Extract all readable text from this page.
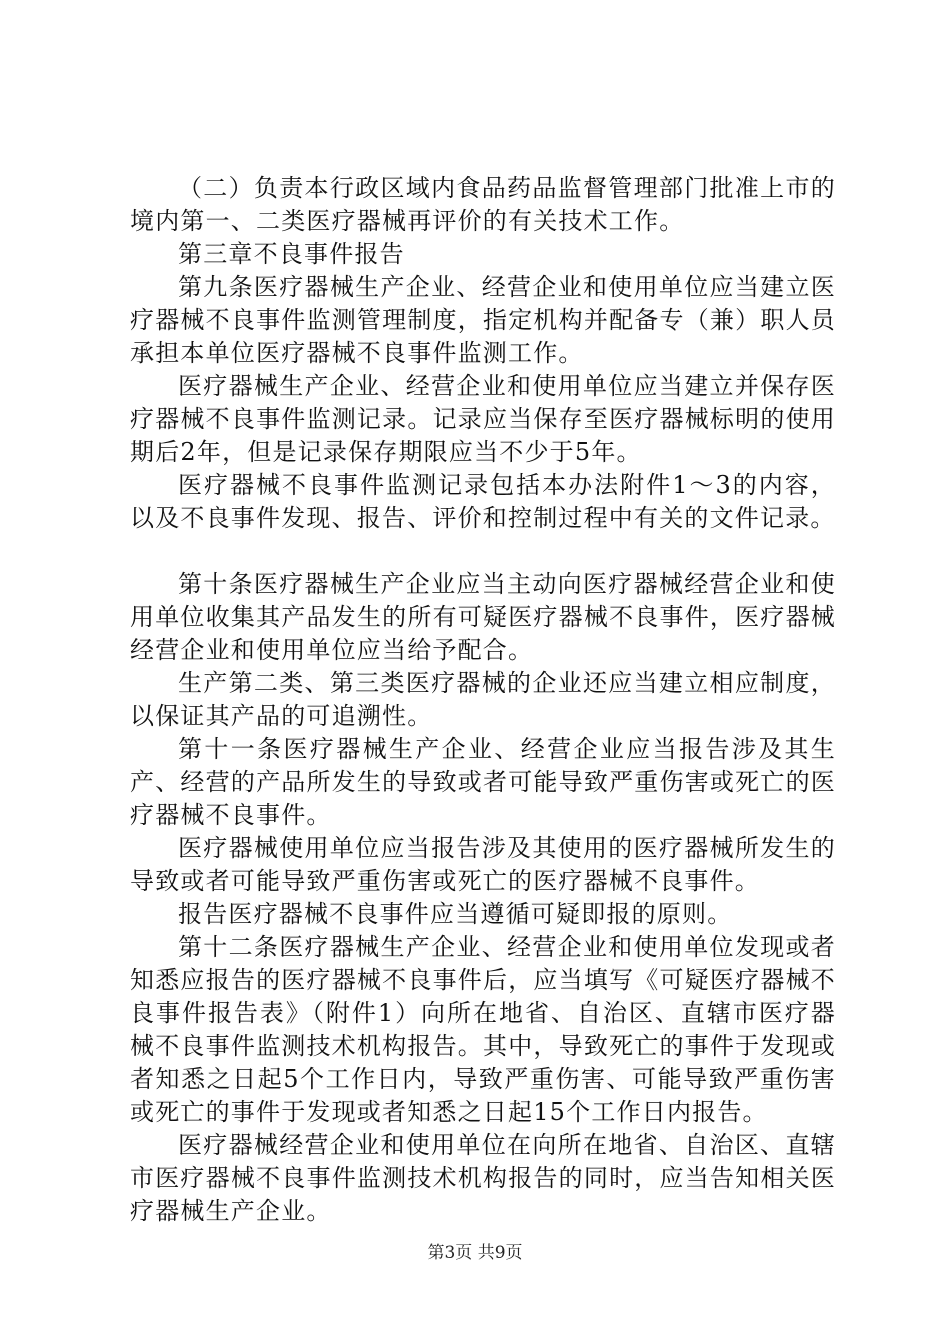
（二）负责本行政区域内食品药品监督管理部门批准上市的境内第一、二类医疗器械再评价的有关技术工作。

第三章不良事件报告

第九条医疗器械生产企业、经营企业和使用单位应当建立医疗器械不良事件监测管理制度，指定机构并配备专（兼）职人员承担本单位医疗器械不良事件监测工作。

医疗器械生产企业、经营企业和使用单位应当建立并保存医疗器械不良事件监测记录。记录应当保存至医疗器械标明的使用期后2年，但是记录保存期限应当不少于5年。

医疗器械不良事件监测记录包括本办法附件1～3的内容，以及不良事件发现、报告、评价和控制过程中有关的文件记录。

第十条医疗器械生产企业应当主动向医疗器械经营企业和使用单位收集其产品发生的所有可疑医疗器械不良事件，医疗器械经营企业和使用单位应当给予配合。

生产第二类、第三类医疗器械的企业还应当建立相应制度，以保证其产品的可追溯性。

第十一条医疗器械生产企业、经营企业应当报告涉及其生产、经营的产品所发生的导致或者可能导致严重伤害或死亡的医疗器械不良事件。

医疗器械使用单位应当报告涉及其使用的医疗器械所发生的导致或者可能导致严重伤害或死亡的医疗器械不良事件。

报告医疗器械不良事件应当遵循可疑即报的原则。

第十二条医疗器械生产企业、经营企业和使用单位发现或者知悉应报告的医疗器械不良事件后，应当填写《可疑医疗器械不良事件报告表》（附件1）向所在地省、自治区、直辖市医疗器械不良事件监测技术机构报告。其中，导致死亡的事件于发现或者知悉之日起5个工作日内，导致严重伤害、可能导致严重伤害或死亡的事件于发现或者知悉之日起15个工作日内报告。

医疗器械经营企业和使用单位在向所在地省、自治区、直辖市医疗器械不良事件监测技术机构报告的同时，应当告知相关医疗器械生产企业。

第3页 共9页
